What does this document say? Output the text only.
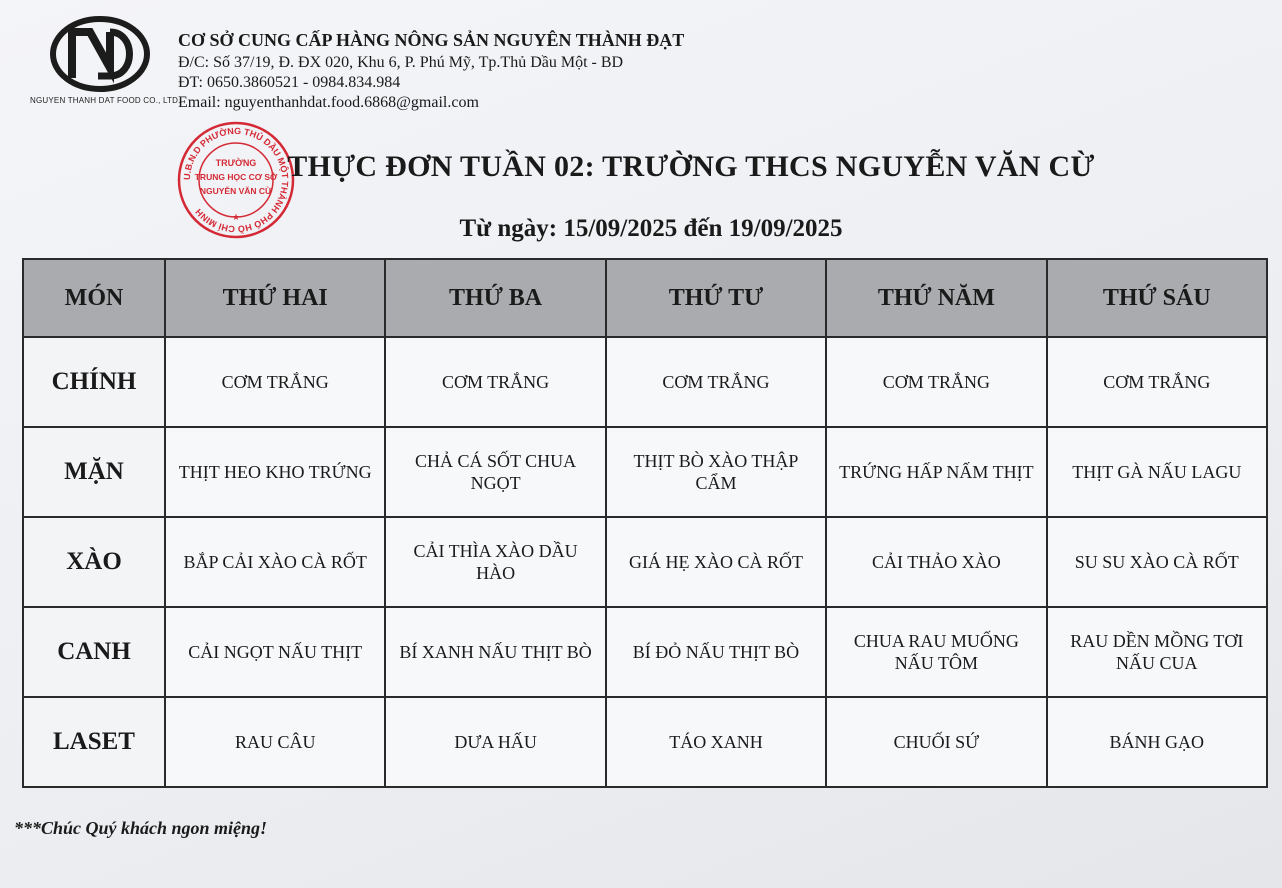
NGUYEN THANH DAT FOOD CO., LTD.
CƠ SỞ CUNG CẤP HÀNG NÔNG SẢN NGUYÊN THÀNH ĐẠT
Đ/C: Số 37/19, Đ. ĐX 020, Khu 6, P. Phú Mỹ, Tp.Thủ Dầu Một - BD
ĐT: 0650.3860521 - 0984.834.984
Email: nguyenthanhdat.food.6868@gmail.com
U.B.N.D PHƯỜNG THỦ DẦU MỘT THÀNH PHỐ HỒ CHÍ MINH
TRƯỜNG
TRUNG HỌC CƠ SỞ
NGUYỄN VĂN CỪ
★
THỰC ĐƠN TUẦN 02: TRƯỜNG THCS NGUYỄN VĂN CỪ
Từ ngày: 15/09/2025 đến 19/09/2025
MÓN	THỨ HAI	THỨ BA	THỨ TƯ	THỨ NĂM	THỨ SÁU
CHÍNH	CƠM TRẮNG	CƠM TRẮNG	CƠM TRẮNG	CƠM TRẮNG	CƠM TRẮNG
MẶN	THỊT HEO KHO TRỨNG	CHẢ CÁ SỐT CHUA NGỌT	THỊT BÒ XÀO THẬP CẨM	TRỨNG HẤP NẤM THỊT	THỊT GÀ NẤU LAGU
XÀO	BẮP CẢI XÀO CÀ RỐT	CẢI THÌA XÀO DẦU HÀO	GIÁ HẸ XÀO CÀ RỐT	CẢI THẢO XÀO	SU SU XÀO CÀ RỐT
CANH	CẢI NGỌT NẤU THỊT	BÍ XANH NẤU THỊT BÒ	BÍ ĐỎ NẤU THỊT BÒ	CHUA RAU MUỐNG NẤU TÔM	RAU DỀN MỒNG TƠI NẤU CUA
LASET	RAU CÂU	DƯA HẤU	TÁO XANH	CHUỐI SỨ	BÁNH GẠO
***Chúc Quý khách ngon miệng!
